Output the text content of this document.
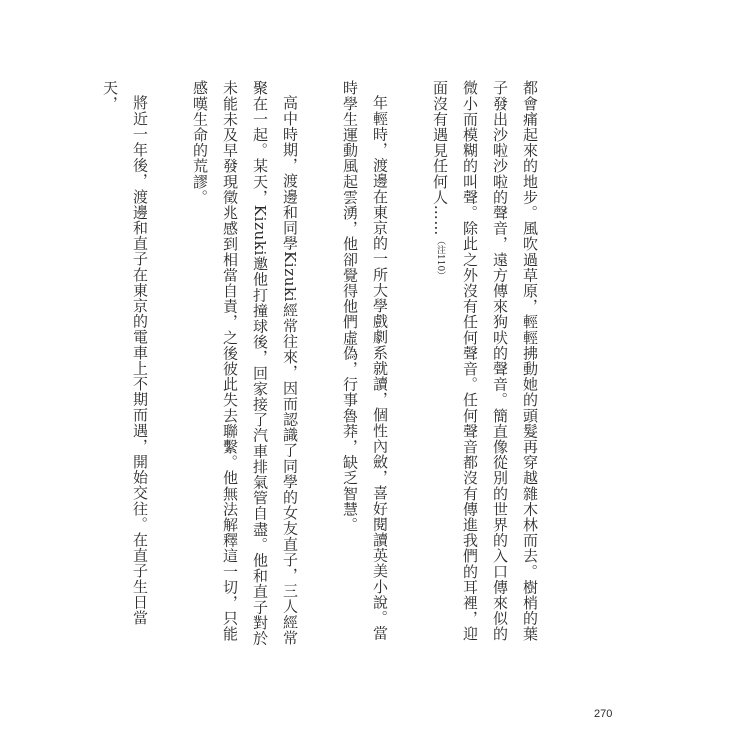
都會痛起來的地步。風吹過草原，輕輕拂動她的頭髮再穿越雜木林而去。樹梢的葉子發出沙啦沙啦的聲音，遠方傳來狗吠的聲音。簡直像從別的世界的入口傳來似的微小而模糊的叫聲。除此之外沒有任何聲音。任何聲音都沒有傳進我們的耳裡，迎面沒有遇見任何人……（注110）
年輕時，渡邊在東京的一所大學戲劇系就讀，個性內斂，喜好閱讀英美小說。當時學生運動風起雲湧，他卻覺得他們虛偽，行事魯莽，缺乏智慧。
高中時期，渡邊和同學Kizuki經常往來，因而認識了同學的女友直子，三人經常聚在一起。某天，Kizuki邀他打撞球後，回家接了汽車排氣管自盡。他和直子對於未能未及早發現徵兆感到相當自責，之後彼此失去聯繫。他無法解釋這一切，只能感嘆生命的荒謬。
將近一年後，渡邊和直子在東京的電車上不期而遇，開始交往。在直子生日當天，
270
